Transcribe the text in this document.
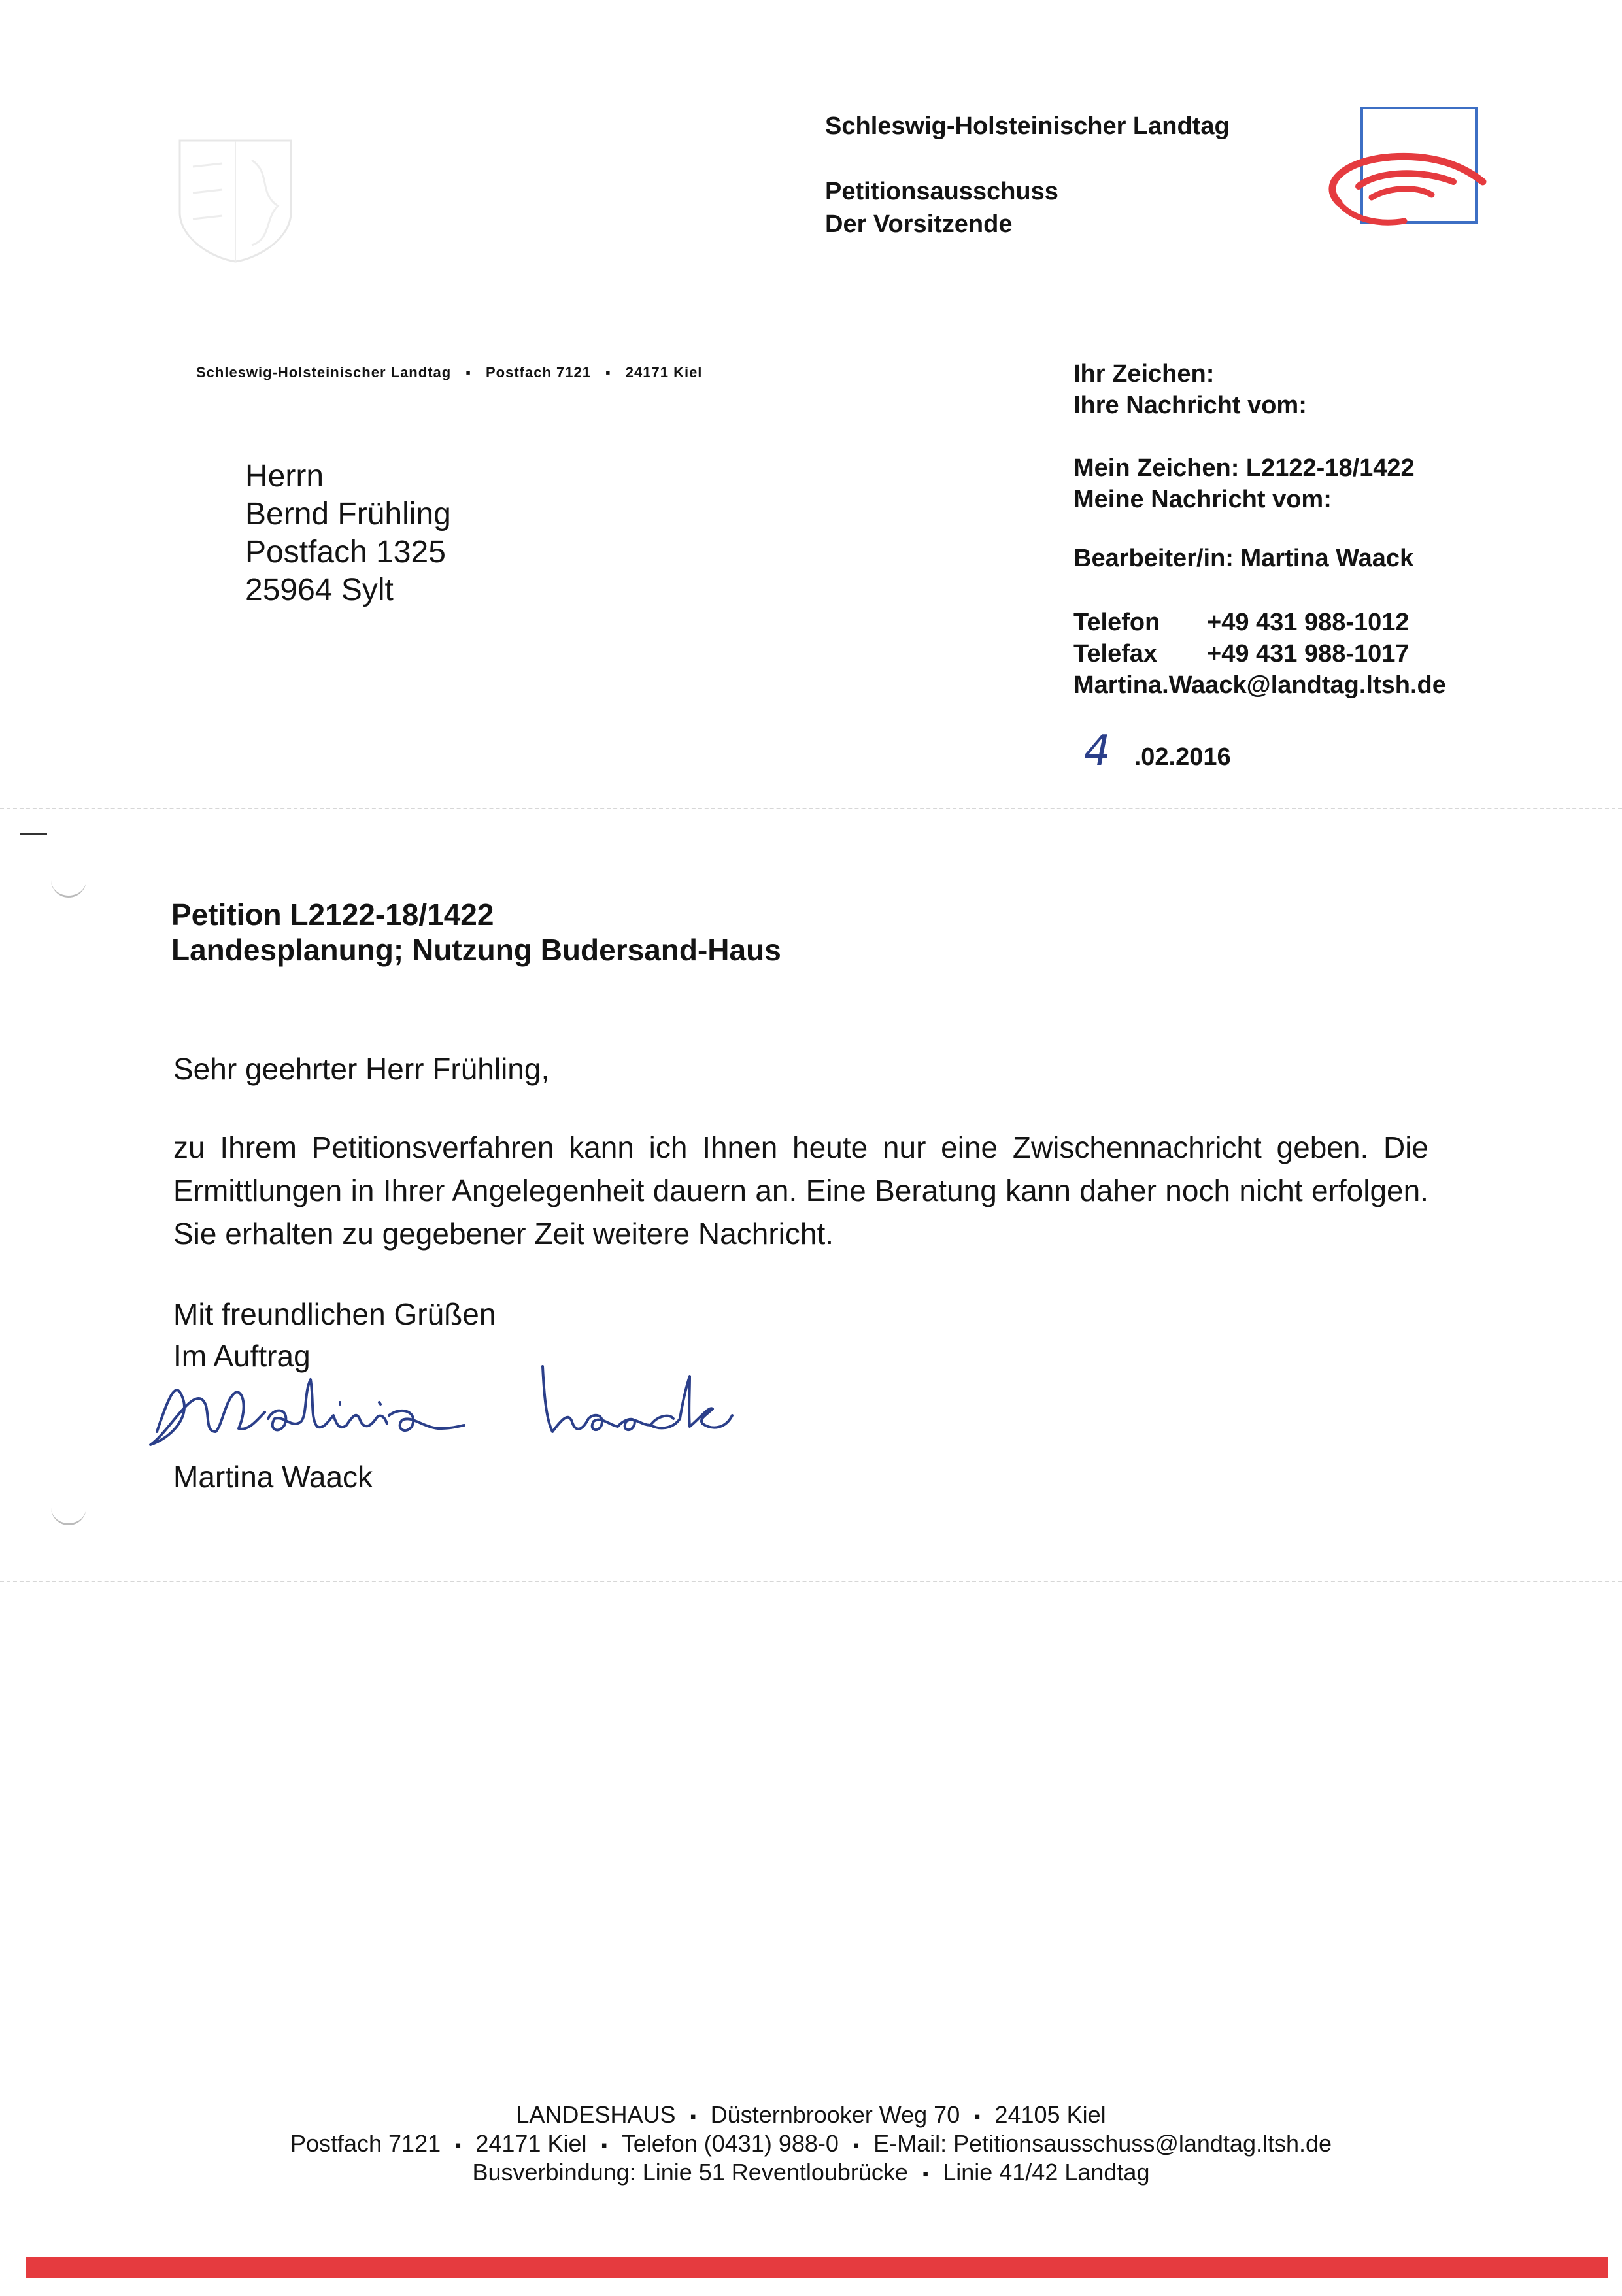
Schleswig-Holsteinischer Landtag
Petitionsausschuss
Der Vorsitzende
Schleswig-Holsteinischer Landtag ▪ Postfach 7121 ▪ 24171 Kiel
Herrn
Bernd Frühling
Postfach 1325
25964 Sylt
Ihr Zeichen:
Ihre Nachricht vom:
Mein Zeichen: L2122-18/1422
Meine Nachricht vom:
Bearbeiter/in: Martina Waack
Telefon	+49 431 988-1012
Telefax	+49 431 988-1017
Martina.Waack@landtag.ltsh.de
4 .02.2016
Petition L2122-18/1422
Landesplanung; Nutzung Budersand-Haus
Sehr geehrter Herr Frühling,
zu Ihrem Petitionsverfahren kann ich Ihnen heute nur eine Zwischennachricht geben. Die Ermittlungen in Ihrer Angelegenheit dauern an. Eine Beratung kann daher noch nicht erfolgen. Sie erhalten zu gegebener Zeit weitere Nachricht.
Mit freundlichen Grüßen
Im Auftrag
Martina Waack
LANDESHAUS ▪ Düsternbrooker Weg 70 ▪ 24105 Kiel
Postfach 7121 ▪ 24171 Kiel ▪ Telefon (0431) 988-0 ▪ E-Mail: Petitionsausschuss@landtag.ltsh.de
Busverbindung: Linie 51 Reventloubrücke ▪ Linie 41/42 Landtag
